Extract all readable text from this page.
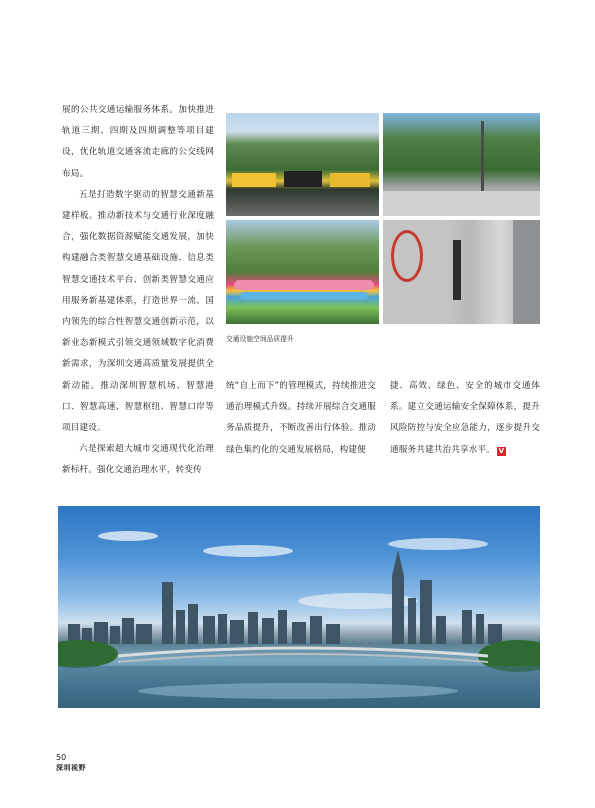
展的公共交通运输服务体系。加快推进轨道三期、四期及四期调整等项目建设，优化轨道交通客流走廊的公交线网布局。

五是打造数字驱动的智慧交通新基建样板。推动新技术与交通行业深度融合，强化数据资源赋能交通发展，加快构建融合类智慧交通基础设施、信息类智慧交通技术平台、创新类智慧交通应用服务新基建体系，打造世界一流、国内领先的综合性智慧交通创新示范，以新业态新模式引领交通领域数字化消费新需求，为深圳交通高质量发展提供全新动能。推动深圳智慧机场、智慧港口、智慧高速、智慧枢纽、智慧口岸等项目建设。

六是探索超大城市交通现代化治理新标杆。强化交通治理水平，转变传

交通设施空间品质提升

统“自上而下”的管理模式，持续推进交通治理模式升级。持续开展综合交通服务品质提升，不断改善出行体验。推动绿色集约化的交通发展格局，构建便

捷、高效、绿色、安全的城市交通体系。建立交通运输安全保障体系，提升风险防控与安全应急能力，逐步提升交通服务共建共治共享水平。 V

50
深圳视野
